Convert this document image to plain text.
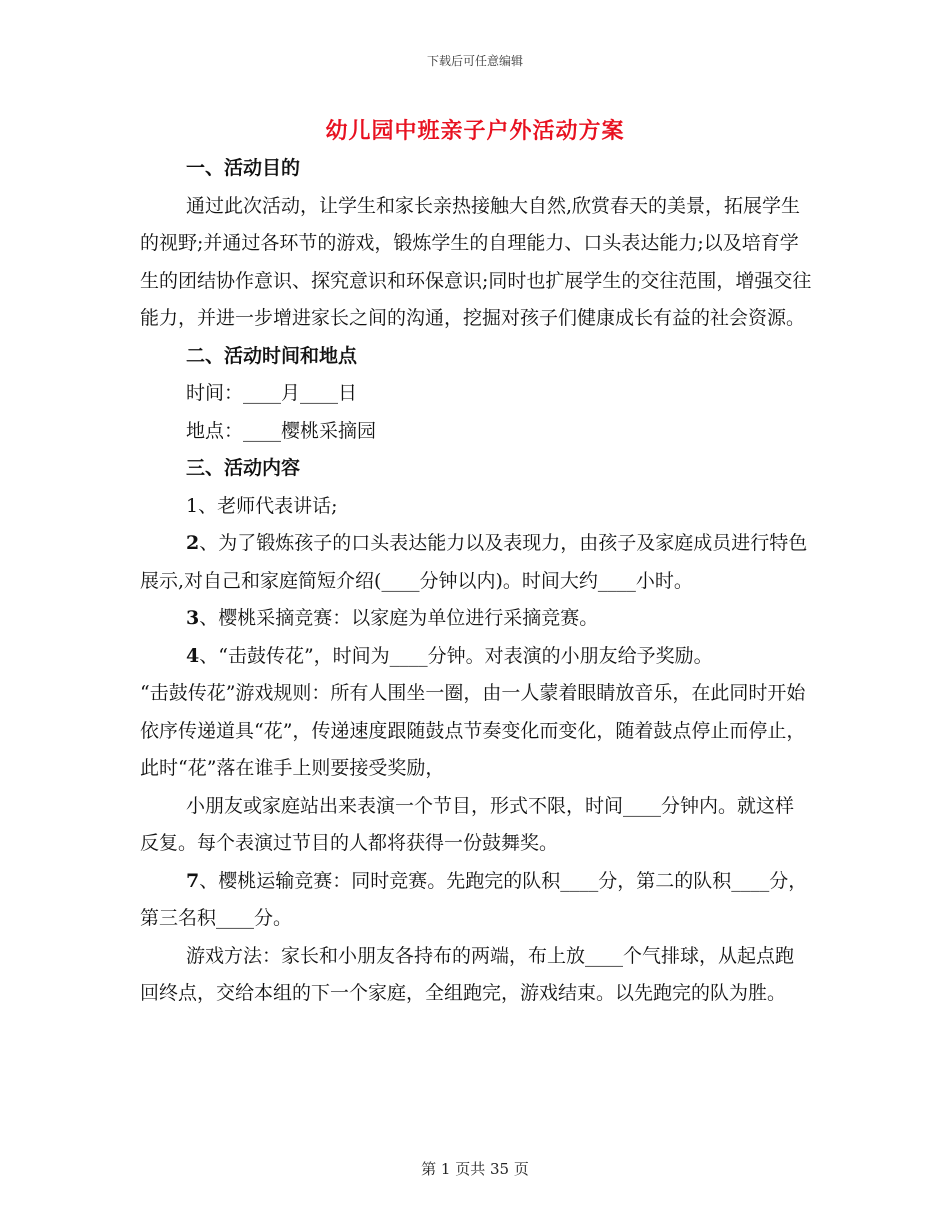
下载后可任意编辑
幼儿园中班亲子户外活动方案

一、活动目的

通过此次活动，让学生和家长亲热接触大自然,欣赏春天的美景，拓展学生的视野;并通过各环节的游戏，锻炼学生的自理能力、口头表达能力;以及培育学生的团结协作意识、探究意识和环保意识;同时也扩展学生的交往范围，增强交往能力，并进一步增进家长之间的沟通，挖掘对孩子们健康成长有益的社会资源。

二、活动时间和地点

时间：____月____日

地点：____樱桃采摘园

三、活动内容

1、老师代表讲话;

2、为了锻炼孩子的口头表达能力以及表现力，由孩子及家庭成员进行特色展示,对自己和家庭简短介绍(____分钟以内)。时间大约____小时。

3、樱桃采摘竞赛：以家庭为单位进行采摘竞赛。

4、“击鼓传花”，时间为____分钟。对表演的小朋友给予奖励。

“击鼓传花”游戏规则：所有人围坐一圈，由一人蒙着眼睛放音乐，在此同时开始依序传递道具“花”，传递速度跟随鼓点节奏变化而变化，随着鼓点停止而停止，此时“花”落在谁手上则要接受奖励，

小朋友或家庭站出来表演一个节目，形式不限，时间____分钟内。就这样反复。每个表演过节目的人都将获得一份鼓舞奖。

7、樱桃运输竞赛：同时竞赛。先跑完的队积____分，第二的队积____分，第三名积____分。

游戏方法：家长和小朋友各持布的两端，布上放____个气排球，从起点跑回终点，交给本组的下一个家庭，全组跑完，游戏结束。以先跑完的队为胜。

第 1 页共 35 页
